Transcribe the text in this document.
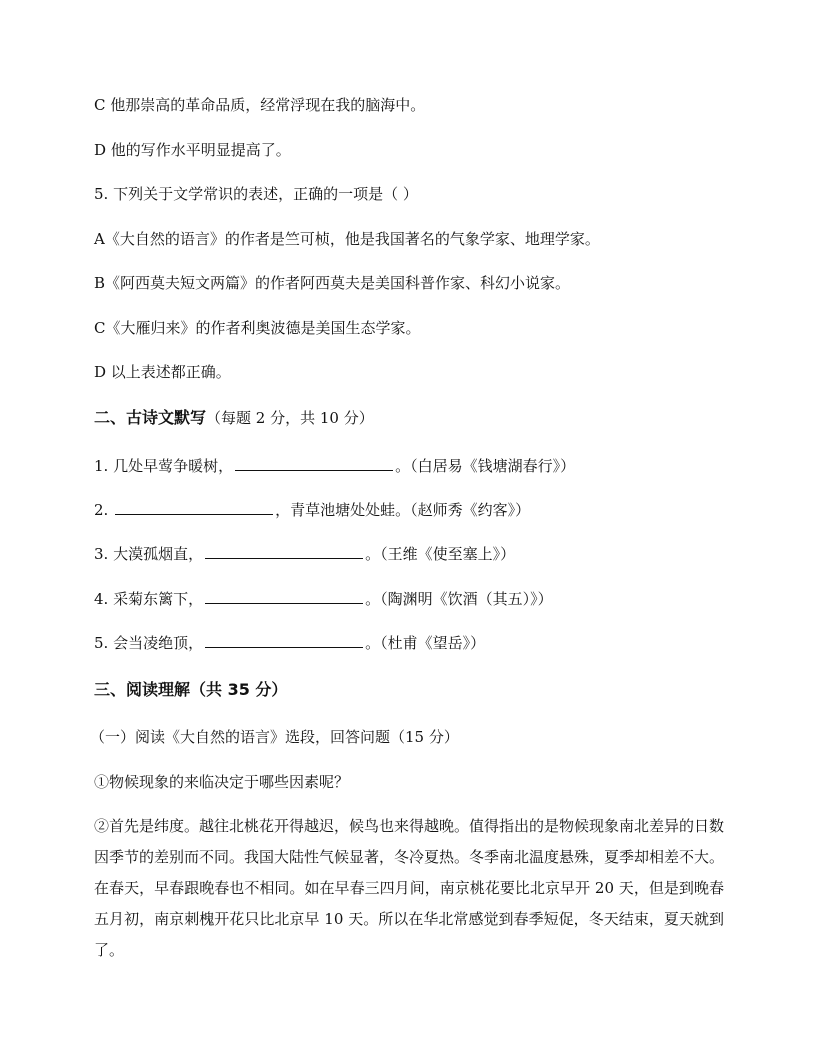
C 他那崇高的革命品质，经常浮现在我的脑海中。
D 他的写作水平明显提高了。
5. 下列关于文学常识的表述，正确的一项是（ ）
A《大自然的语言》的作者是竺可桢，他是我国著名的气象学家、地理学家。
B《阿西莫夫短文两篇》的作者阿西莫夫是美国科普作家、科幻小说家。
C《大雁归来》的作者利奥波德是美国生态学家。
D 以上表述都正确。
二、古诗文默写（每题 2 分，共 10 分）
1. 几处早莺争暖树，	。（白居易《钱塘湖春行》）
2.	，青草池塘处处蛙。（赵师秀《约客》）
3. 大漠孤烟直，	。（王维《使至塞上》）
4. 采菊东篱下，	。（陶渊明《饮酒（其五）》）
5. 会当凌绝顶，	。（杜甫《望岳》）
三、阅读理解（共 35 分）
（一）阅读《大自然的语言》选段，回答问题（15 分）
①物候现象的来临决定于哪些因素呢？
②首先是纬度。越往北桃花开得越迟，候鸟也来得越晚。值得指出的是物候现象南北差异的日数因季节的差别而不同。我国大陆性气候显著，冬冷夏热。冬季南北温度悬殊，夏季却相差不大。在春天，早春跟晚春也不相同。如在早春三四月间，南京桃花要比北京早开 20 天，但是到晚春五月初，南京刺槐开花只比北京早 10 天。所以在华北常感觉到春季短促，冬天结束，夏天就到了。
